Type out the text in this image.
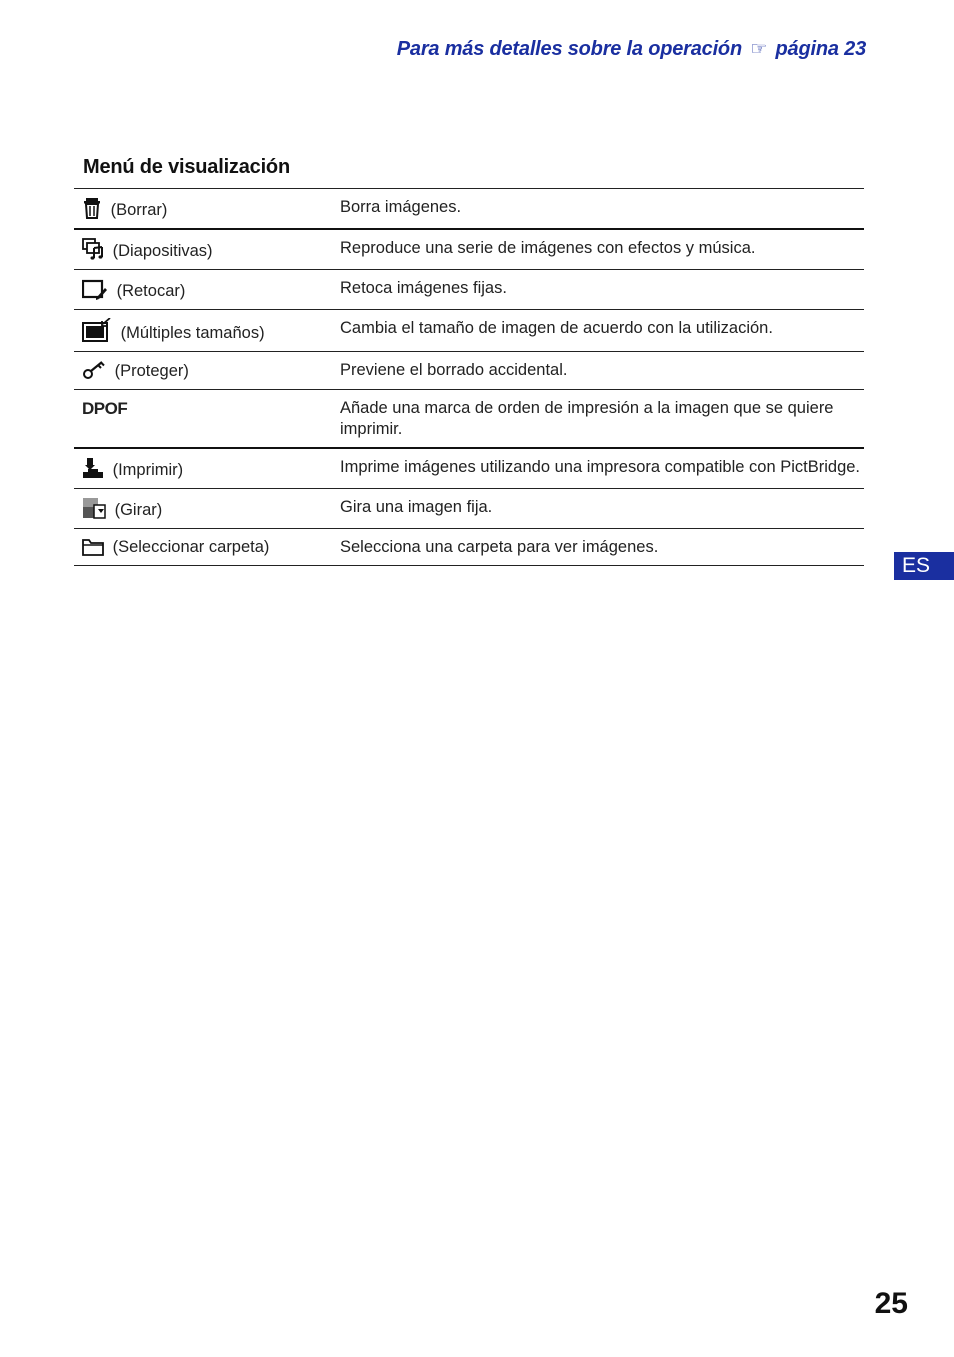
Para más detalles sobre la operación ☞ página 23
Menú de visualización
(Borrar)	Borra imágenes.
(Diapositivas)	Reproduce una serie de imágenes con efectos y música.
(Retocar)	Retoca imágenes fijas.
(Múltiples tamaños)	Cambia el tamaño de imagen de acuerdo con la utilización.
(Proteger)	Previene el borrado accidental.
DPOF	Añade una marca de orden de impresión a la imagen que se quiere imprimir.
(Imprimir)	Imprime imágenes utilizando una impresora compatible con PictBridge.
(Girar)	Gira una imagen fija.
(Seleccionar carpeta)	Selecciona una carpeta para ver imágenes.
ES
25
